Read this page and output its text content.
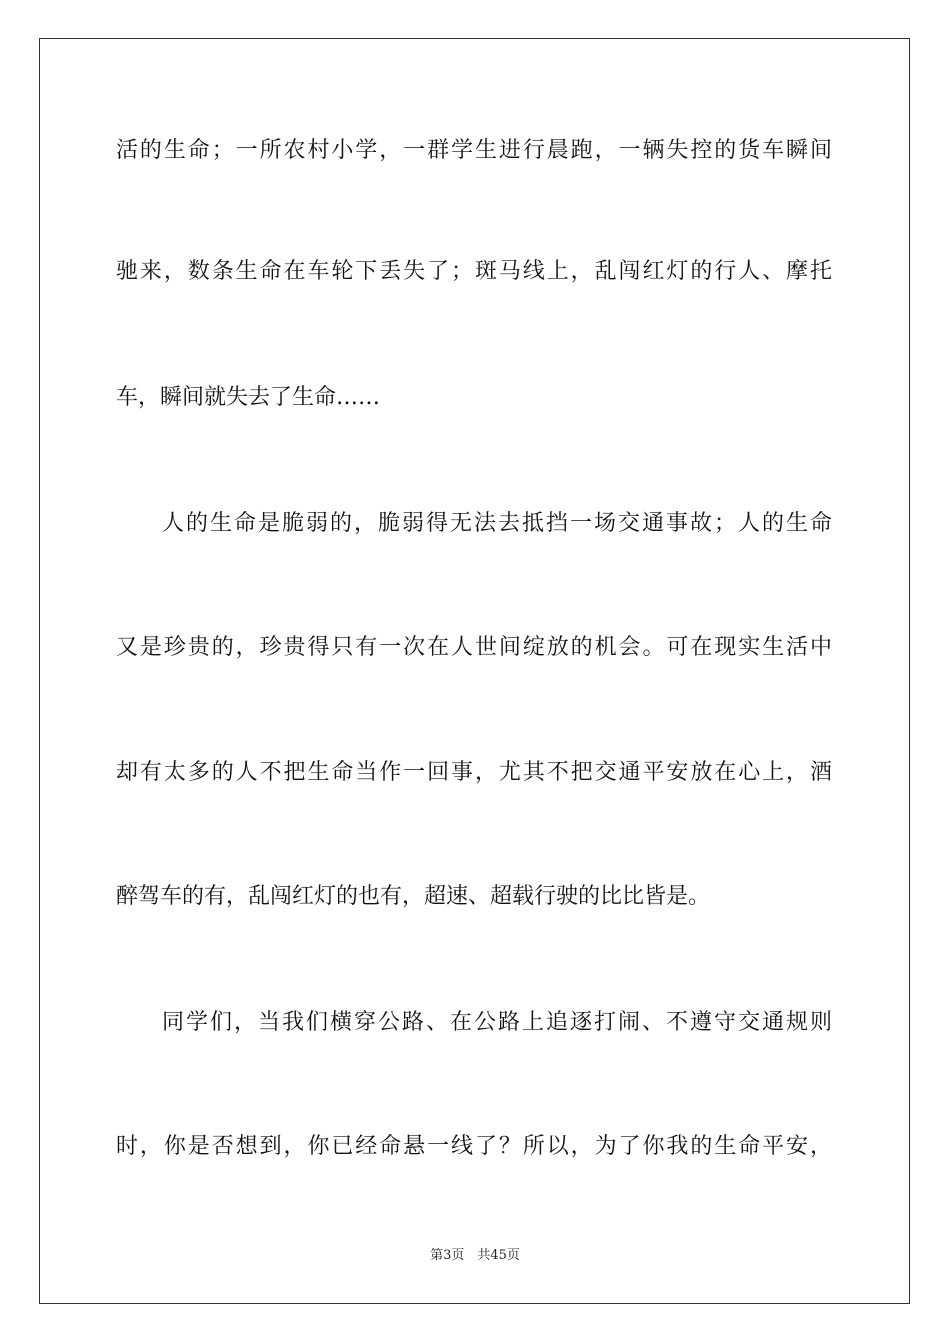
活的生命；一所农村小学，一群学生进行晨跑，一辆失控的货车瞬间
驰来，数条生命在车轮下丢失了；斑马线上，乱闯红灯的行人、摩托
车，瞬间就失去了生命……
人的生命是脆弱的，脆弱得无法去抵挡一场交通事故；人的生命
又是珍贵的，珍贵得只有一次在人世间绽放的机会。可在现实生活中
却有太多的人不把生命当作一回事，尤其不把交通平安放在心上，酒
醉驾车的有，乱闯红灯的也有，超速、超载行驶的比比皆是。
同学们，当我们横穿公路、在公路上追逐打闹、不遵守交通规则
时，你是否想到，你已经命悬一线了？所以，为了你我的生命平安，
第3页　共45页
